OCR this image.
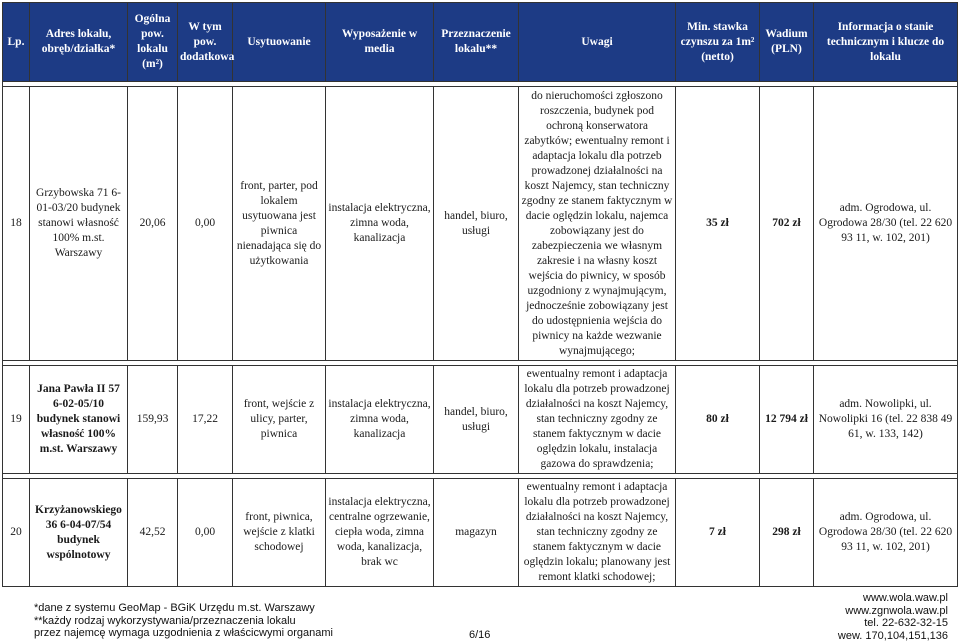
Lp.	Adres lokalu, obręb/działka*	Ogólna pow. lokalu (m²)	W tym pow. dodatkowa	Usytuowanie	Wyposażenie w media	Przeznaczenie lokalu**	Uwagi	Min. stawka czynszu za 1m² (netto)	Wadium (PLN)	Informacja o stanie technicznym i klucze do lokalu

18	Grzybowska 71 6-01-03/20 budynek stanowi własność 100% m.st. Warszawy	20,06	0,00	front, parter, pod lokalem usytuowana jest piwnica nienadająca się do użytkowania	instalacja elektryczna, zimna woda, kanalizacja	handel, biuro, usługi	do nieruchomości zgłoszono roszczenia, budynek pod ochroną konserwatora zabytków; ewentualny remont i adaptacja lokalu dla potrzeb prowadzonej działalności na koszt Najemcy, stan techniczny zgodny ze stanem faktycznym w dacie oględzin lokalu, najemca zobowiązany jest do zabezpieczenia we własnym zakresie i na własny koszt wejścia do piwnicy, w sposób uzgodniony z wynajmującym, jednocześnie zobowiązany jest do udostępnienia wejścia do piwnicy na każde wezwanie wynajmującego;	35 zł	702 zł	adm. Ogrodowa, ul. Ogrodowa 28/30 (tel. 22 620 93 11, w. 102, 201)

19	Jana Pawła II 57 6-02-05/10 budynek stanowi własność 100% m.st. Warszawy	159,93	17,22	front, wejście z ulicy, parter, piwnica	instalacja elektryczna, zimna woda, kanalizacja	handel, biuro, usługi	ewentualny remont i adaptacja lokalu dla potrzeb prowadzonej działalności na koszt Najemcy, stan techniczny zgodny ze stanem faktycznym w dacie oględzin lokalu, instalacja gazowa do sprawdzenia;	80 zł	12 794 zł	adm. Nowolipki, ul. Nowolipki 16 (tel. 22 838 49 61, w. 133, 142)

20	Krzyżanowskiego 36 6-04-07/54 budynek wspólnotowy	42,52	0,00	front, piwnica, wejście z klatki schodowej	instalacja elektryczna, centralne ogrzewanie, ciepła woda, zimna woda, kanalizacja, brak wc	magazyn	ewentualny remont i adaptacja lokalu dla potrzeb prowadzonej działalności na koszt Najemcy, stan techniczny zgodny ze stanem faktycznym w dacie oględzin lokalu; planowany jest remont klatki schodowej;	7 zł	298 zł	adm. Ogrodowa, ul. Ogrodowa 28/30 (tel. 22 620 93 11, w. 102, 201)
*dane z systemu GeoMap - BGiK Urzędu m.st. Warszawy
**każdy rodzaj wykorzystywania/przeznaczenia lokalu
przez najemcę wymaga uzgodnienia z właścicwymi organami	6/16
www.wola.waw.pl
www.zgnwola.waw.pl
tel. 22-632-32-15
wew. 170,104,151,136
